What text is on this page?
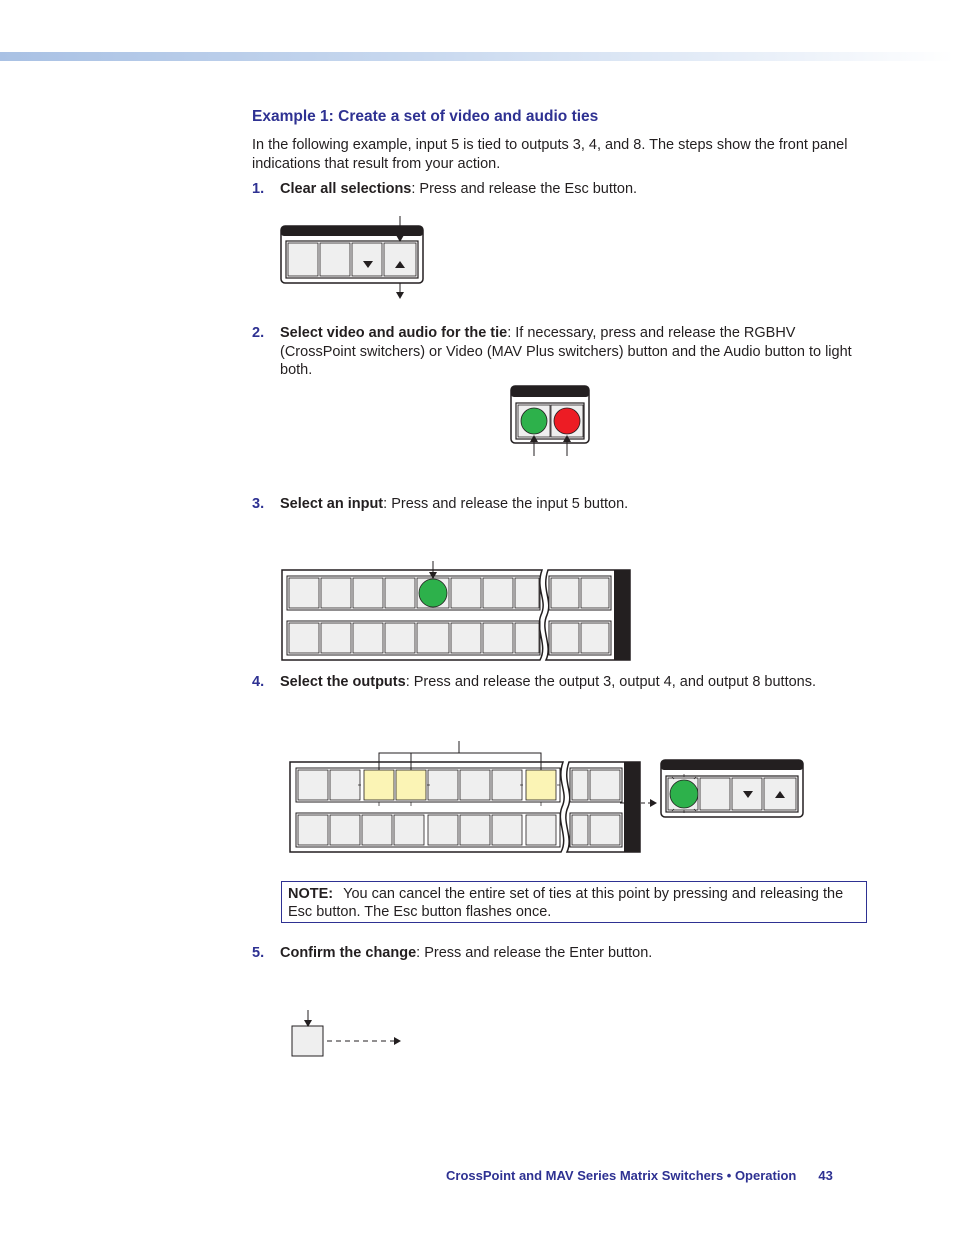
Example 1: Create a set of video and audio ties

In the following example, input 5 is tied to outputs 3, 4, and 8. The steps show the front panel indications that result from your action.

1. Clear all selections: Press and release the Esc button.
2. Select video and audio for the tie: If necessary, press and release the RGBHV (CrossPoint switchers) or Video (MAV Plus switchers) button and the Audio button to light both.
3. Select an input: Press and release the input 5 button.
4. Select the outputs: Press and release the output 3, output 4, and output 8 buttons.
5. Confirm the change: Press and release the Enter button.
NOTE: You can cancel the entire set of ties at this point by pressing and releasing the Esc button. The Esc button flashes once.
CrossPoint and MAV Series Matrix Switchers • Operation 43
